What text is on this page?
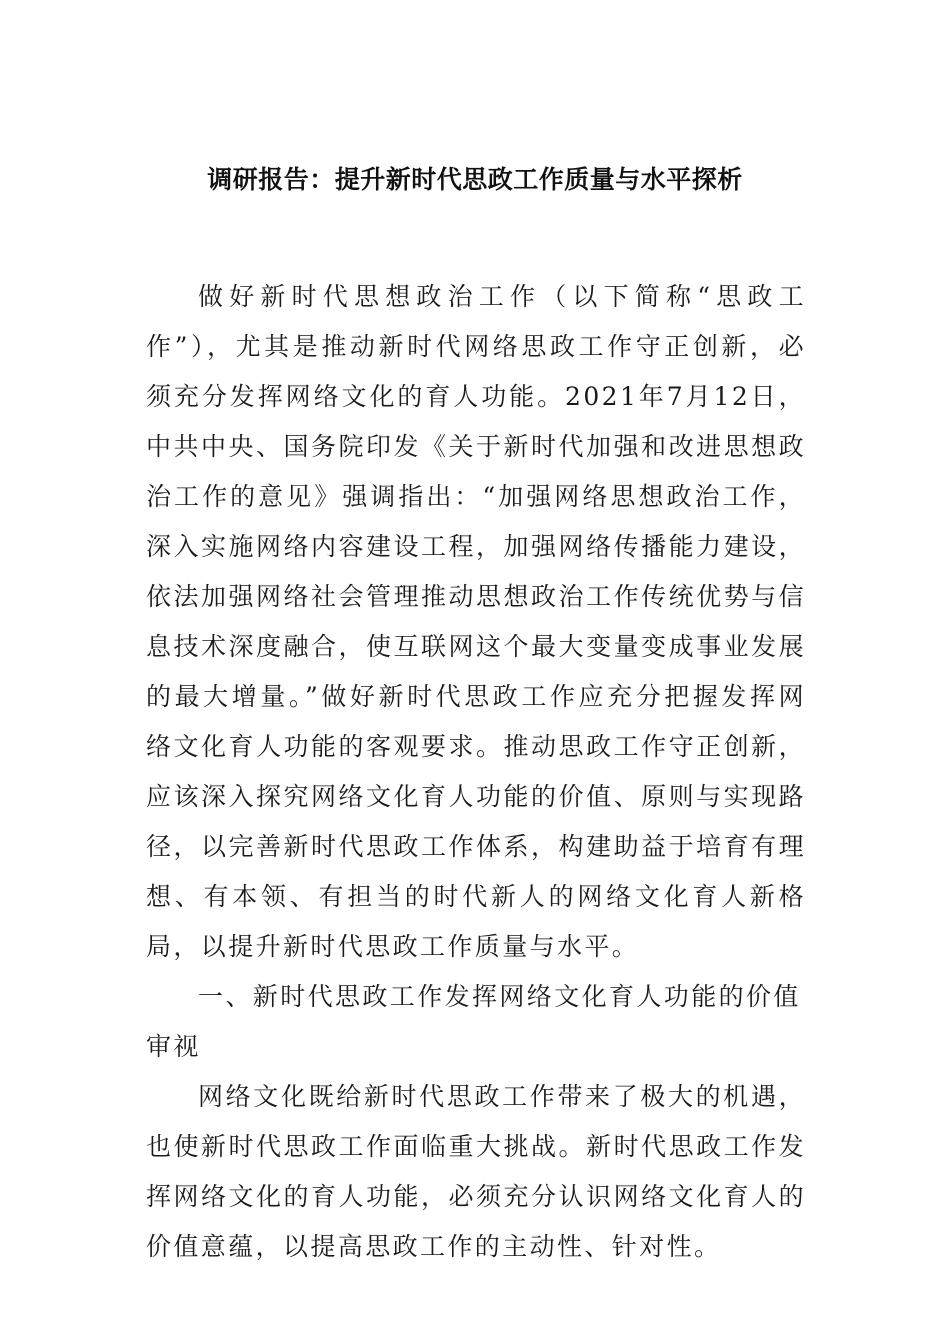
调研报告：提升新时代思政工作质量与水平探析

做好新时代思想政治工作（以下简称“思政工作”），尤其是推动新时代网络思政工作守正创新，必须充分发挥网络文化的育人功能。2021年7月12日，中共中央、国务院印发《关于新时代加强和改进思想政治工作的意见》强调指出：“加强网络思想政治工作，深入实施网络内容建设工程，加强网络传播能力建设，依法加强网络社会管理推动思想政治工作传统优势与信息技术深度融合，使互联网这个最大变量变成事业发展的最大增量。”做好新时代思政工作应充分把握发挥网络文化育人功能的客观要求。推动思政工作守正创新，应该深入探究网络文化育人功能的价值、原则与实现路径，以完善新时代思政工作体系，构建助益于培育有理想、有本领、有担当的时代新人的网络文化育人新格局，以提升新时代思政工作质量与水平。

一、新时代思政工作发挥网络文化育人功能的价值审视

网络文化既给新时代思政工作带来了极大的机遇，也使新时代思政工作面临重大挑战。新时代思政工作发挥网络文化的育人功能，必须充分认识网络文化育人的价值意蕴，以提高思政工作的主动性、针对性。
